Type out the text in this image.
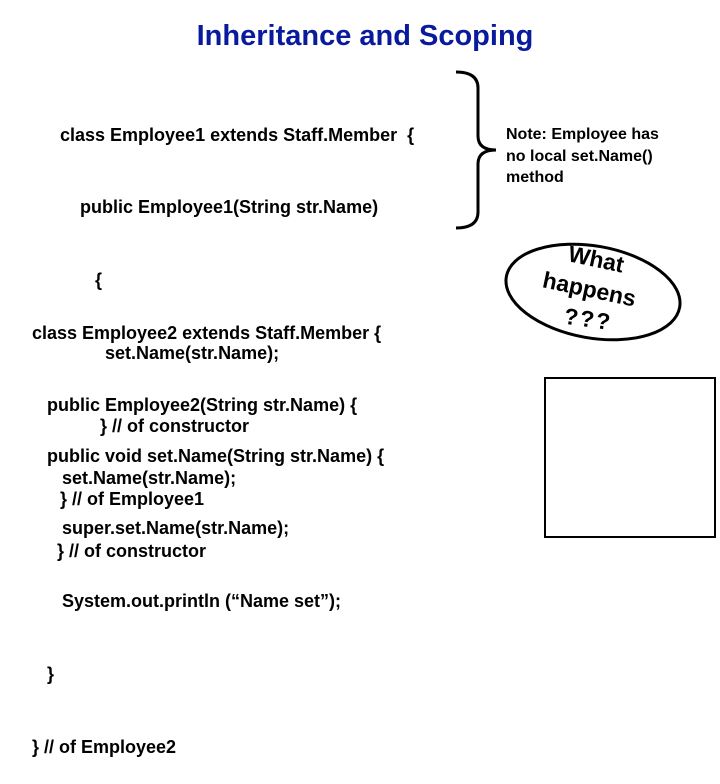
Inheritance and Scoping

class Employee1 extends Staff.Member  {

public Employee1(String str.Name)

{

set.Name(str.Name);

} // of constructor

} // of Employee1

class Employee2 extends Staff.Member {

public Employee2(String str.Name) {

set.Name(str.Name);

} // of constructor

public void set.Name(String str.Name) {

super.set.Name(str.Name);

System.out.println (“Name set”);

}

} // of Employee2

Note: Employee has
no local set.Name()
method
What
happens
???
